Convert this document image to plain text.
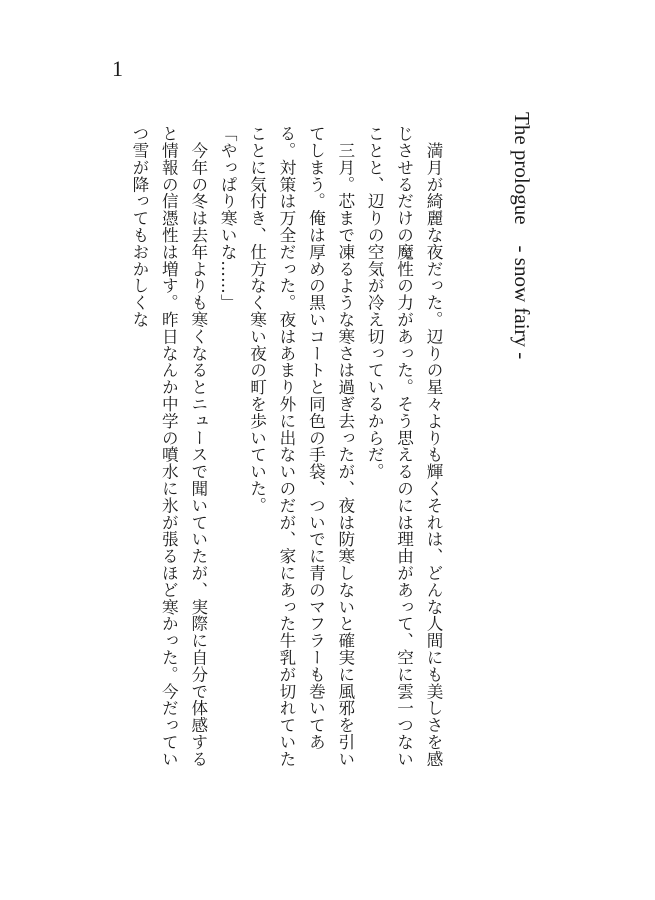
1
The prologue　- snow fairy -

　満月が綺麗な夜だった。辺りの星々よりも輝くそれは、どんな人間にも美しさを感じさせるだけの魔性の力があった。そう思えるのには理由があって、空に雲一つないことと、辺りの空気が冷え切っているからだ。

　三月。芯まで凍るような寒さは過ぎ去ったが、夜は防寒しないと確実に風邪を引いてしまう。俺は厚めの黒いコートと同色の手袋、ついでに青のマフラーも巻いてある。対策は万全だった。夜はあまり外に出ないのだが、家にあった牛乳が切れていたことに気付き、仕方なく寒い夜の町を歩いていた。

「やっぱり寒いな……」

　今年の冬は去年よりも寒くなるとニュースで聞いていたが、実際に自分で体感すると情報の信憑性は増す。昨日なんか中学の噴水に氷が張るほど寒かった。今だっていつ雪が降ってもおかしくな
